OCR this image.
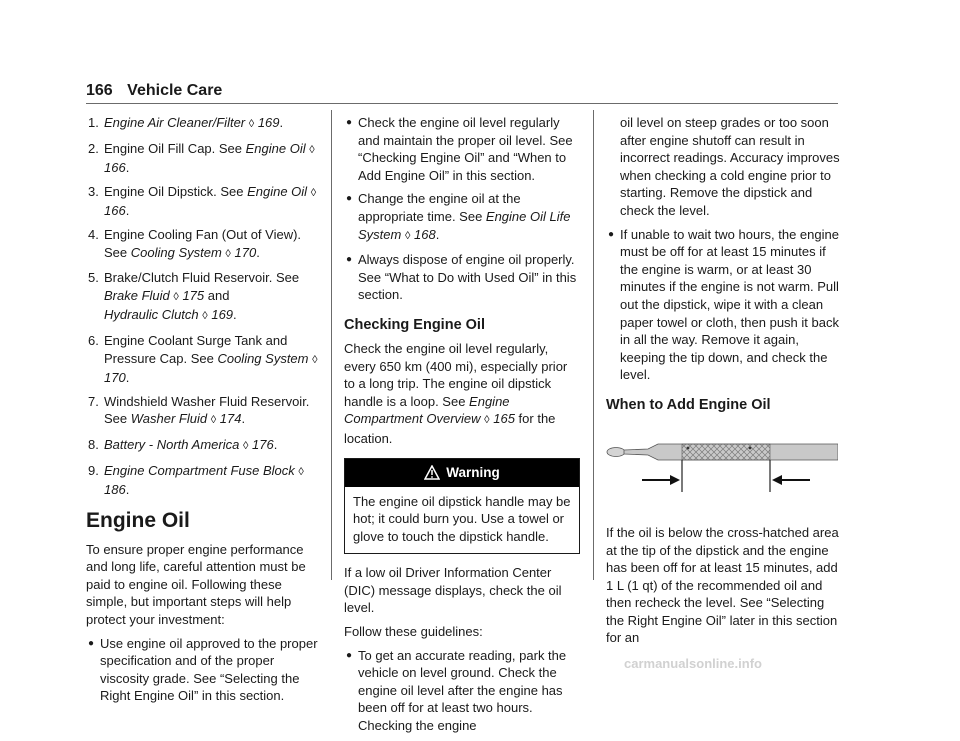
166 Vehicle Care
1. Engine Air Cleaner/Filter ◊ 169.
2. Engine Oil Fill Cap. See Engine Oil ◊ 166.
3. Engine Oil Dipstick. See Engine Oil ◊ 166.
4. Engine Cooling Fan (Out of View). See Cooling System ◊ 170.
5. Brake/Clutch Fluid Reservoir. See Brake Fluid ◊ 175 and
Hydraulic Clutch ◊ 169.
6. Engine Coolant Surge Tank and Pressure Cap. See Cooling System ◊ 170.
7. Windshield Washer Fluid Reservoir. See Washer Fluid ◊ 174.
8. Battery - North America ◊ 176.
9. Engine Compartment Fuse Block ◊ 186.
Engine Oil

To ensure proper engine performance and long life, careful attention must be paid to engine oil. Following these simple, but important steps will help protect your investment:

● Use engine oil approved to the proper specification and of the proper viscosity grade. See “Selecting the Right Engine Oil” in this section.
● Check the engine oil level regularly and maintain the proper oil level. See “Checking Engine Oil” and “When to Add Engine Oil” in this section.
● Change the engine oil at the appropriate time. See Engine Oil Life System ◊ 168.
● Always dispose of engine oil properly. See “What to Do with Used Oil” in this section.
Checking Engine Oil

Check the engine oil level regularly, every 650 km (400 mi), especially prior to a long trip. The engine oil dipstick handle is a loop. See Engine Compartment Overview ◊ 165 for the location.

Warning
The engine oil dipstick handle may be hot; it could burn you. Use a towel or glove to touch the dipstick handle.

If a low oil Driver Information Center (DIC) message displays, check the oil level.

Follow these guidelines:

● To get an accurate reading, park the vehicle on level ground. Check the engine oil level after the engine has been off for at least two hours. Checking the engine

oil level on steep grades or too soon after engine shutoff can result in incorrect readings. Accuracy improves when checking a cold engine prior to starting. Remove the dipstick and check the level.

● If unable to wait two hours, the engine must be off for at least 15 minutes if the engine is warm, or at least 30 minutes if the engine is not warm. Pull out the dipstick, wipe it with a clean paper towel or cloth, then push it back in all the way. Remove it again, keeping the tip down, and check the level.
When to Add Engine Oil

If the oil is below the cross-hatched area at the tip of the dipstick and the engine has been off for at least 15 minutes, add 1 L (1 qt) of the recommended oil and then recheck the level. See “Selecting the Right Engine Oil” later in this section for an

carmanualsonline.info
